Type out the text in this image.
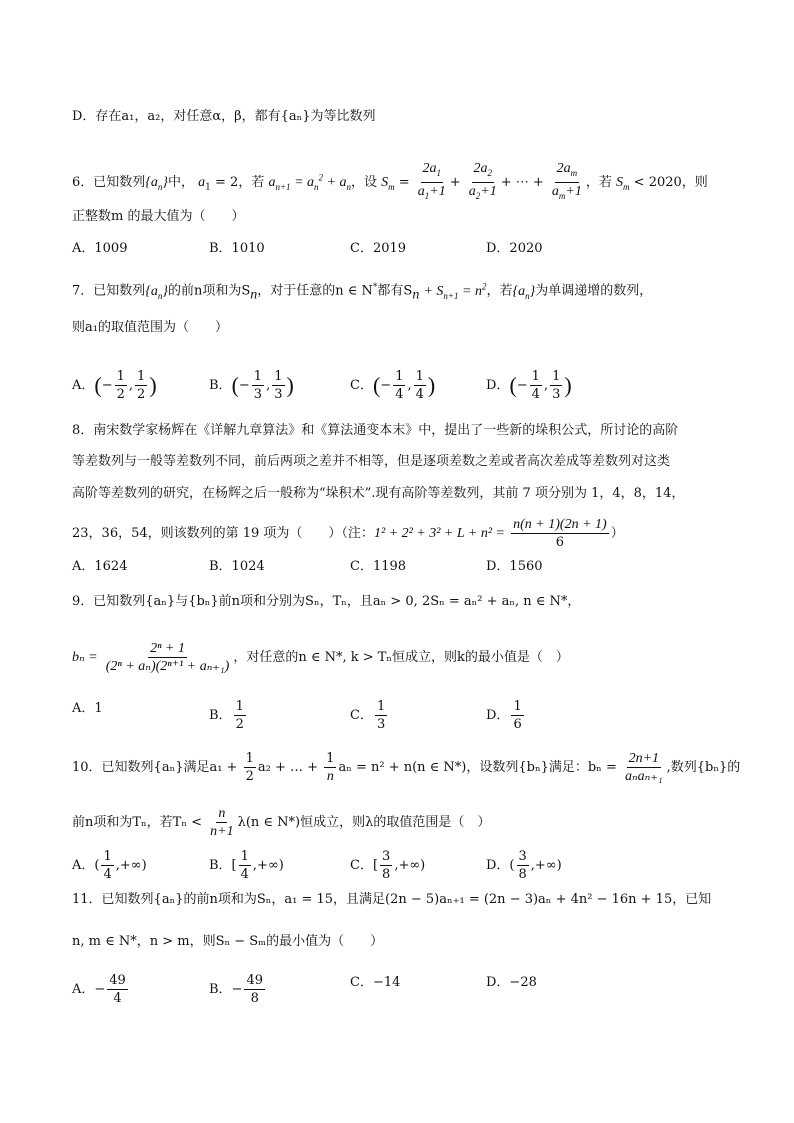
D．存在a₁，a₂，对任意α，β，都有{aₙ}为等比数列
6．已知数列$\{a_n\}$中， $a_1 = 2$，若 $a_{n+1} = a_n^2 + a_n$，设 $S_m = \frac{2a_1}{a_1+1} + \frac{2a_2}{a_2+1}$ + ⋯ + $\frac{2a_m}{a_m+1}$ ，若 $S_m < 2020$，则
正整数m 的最大值为（　　）
A．1009	B．1010	C．2019	D．2020
7．已知数列$\{a_n\}$的前n项和为$S_n$，对于任意的n ∈ N*都有$S_n + S_{n+1} = n^2$，若$\{a_n\}$为单调递增的数列，
则a₁的取值范围为（　　）
A．(− $\frac{1}{2}$ , $\frac{1}{2}$ )	B．(− $\frac{1}{3}$ , $\frac{1}{3}$ )	C．(− $\frac{1}{4}$ , $\frac{1}{4}$ )	D．(− $\frac{1}{4}$ , $\frac{1}{3}$ )
8．南宋数学家杨辉在《详解九章算法》和《算法通变本末》中，提出了一些新的垛积公式，所讨论的高阶
等差数列与一般等差数列不同，前后两项之差并不相等，但是逐项差数之差或者高次差成等差数列对这类
高阶等差数列的研究，在杨辉之后一般称为“垛积术”.现有高阶等差数列，其前 7 项分别为 1，4，8，14，
23，36，54，则该数列的第 19 项为（　　）（注：$1^2 + 2^2 + 3^2 + L + n^2 = \frac{n(n + 1)(2n + 1)}{6}$ ）
A．1624	B．1024	C．1198	D．1560
9．已知数列{aₙ}与{bₙ}前n项和分别为Sₙ，Tₙ，且aₙ > 0, 2Sₙ = aₙ² + aₙ, n ∈ N*，
$b_n = \frac{\text{2ⁿ + 1}}{\text{(2ⁿ + aₙ)(2ⁿ⁺¹ + aₙ₊₁)}}$ ，对任意的n ∈ N*, k > Tₙ恒成立，则k的最小值是（　）
A．1	B． $\frac{1}{2}$	C． $\frac{1}{3}$	D． $\frac{1}{6}$
10．已知数列{aₙ}满足$a_1 + \frac{1}{2} a_2$ + … + $\frac{1}{n}$ aₙ = n² + n(n ∈ N*)，设数列{bₙ}满足：$b_n = \frac{2n+1}{\text{aₙaₙ₊₁}}$ ,数列{bₙ}的
前n项和为Tₙ，若$T_n < \frac{n}{n+1} \lambda(n$ ∈ N*)恒成立，则λ的取值范围是（　）
A．( $\frac{1}{4}$ ,+∞)	B．[ $\frac{1}{4}$ ,+∞)	C．[ $\frac{3}{8}$ ,+∞)	D．( $\frac{3}{8}$ ,+∞)
11．已知数列{aₙ}的前n项和为Sₙ，a₁ = 15，且满足(2n − 5)aₙ₊₁ = (2n − 3)aₙ + 4n² − 16n + 15，已知
n, m ∈ N*，n > m，则Sₙ − Sₘ的最小值为（　　）
A．− $\frac{49}{4}$	B．− $\frac{49}{8}$	C．−14	D．−28
